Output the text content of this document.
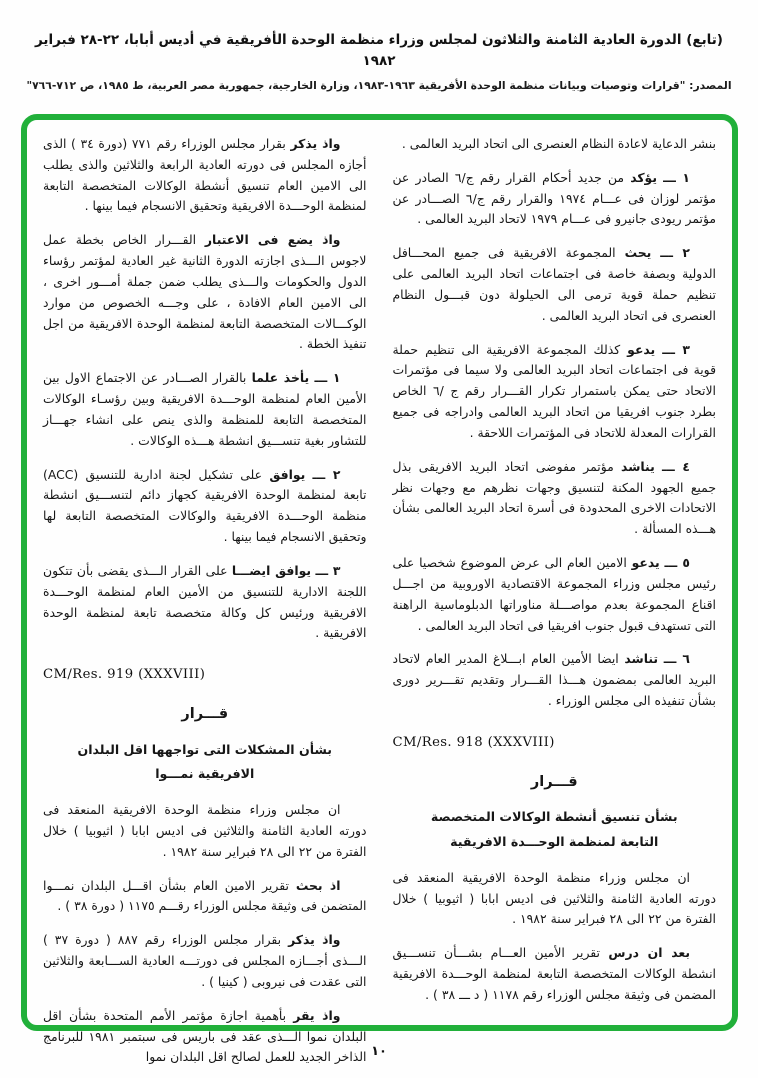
(تابع) الدورة العادية الثامنة والثلاثون لمجلس وزراء منظمة الوحدة الأفريقية في أديس أبابا، ٢٢-٢٨ فبراير ١٩٨٢
المصدر: "قرارات وتوصيات وبيانات منظمة الوحدة الأفريقية ١٩٦٣-١٩٨٣، وزارة الخارجية، جمهورية مصر العربية، ط ١٩٨٥، ص ٧١٢-٧٦٦"

بنشر الدعاية لاعادة النظام العنصرى الى اتحاد البريد العالمى .

١ ـــ يؤكد من جديد أحكام القرار رقم ج/٦ الصادر عن مؤتمر لوزان فى عـــام ١٩٧٤ والقرار رقم ج/٦ الصـــادر عن مؤتمر ريودى جانيرو فى عـــام ١٩٧٩ لاتحاد البريد العالمى .

٢ ـــ يحث المجموعة الافريقية فى جميع المحـــافل الدولية وبصفة خاصة فى اجتماعات اتحاد البريد العالمى على تنظيم حملة قوية ترمى الى الحيلولة دون قبـــول النظام العنصرى فى اتحاد البريد العالمى .

٣ ـــ يدعو كذلك المجموعة الافريقية الى تنظيم حملة قوية فى اجتماعات اتحاد البريد العالمى ولا سيما فى مؤتمرات الاتحاد حتى يمكن باستمرار تكرار القـــرار رقم ج /٦ الخاص بطرد جنوب افريقيا من اتحاد البريد العالمى وادراجه فى جميع القرارات المعدلة للاتحاد فى المؤتمرات اللاحقة .

٤ ـــ يناشد مؤتمر مفوضى اتحاد البريد الافريقى بذل جميع الجهود المكنة لتنسيق وجهات نظرهم مع وجهات نظر الاتحادات الاخرى المحدودة فى أسرة اتحاد البريد العالمى بشأن هـــذه المسألة .

٥ ـــ يدعو الامين العام الى عرض الموضوع شخصيا على رئيس مجلس وزراء المجموعة الاقتصادية الاوروبية من اجـــل اقناع المجموعة بعدم مواصـــلة مناوراتها الدبلوماسية الراهنة التى تستهدف قبول جنوب افريقيا فى اتحاد البريد العالمى .

٦ ـــ تناشد ايضا الأمين العام ابـــلاغ المدير العام لاتحاد البريد العالمى بمضمون هـــذا القـــرار وتقديم تقـــرير دورى بشأن تنفيذه الى مجلس الوزراء .

CM/Res. 918 (XXXVIII)

قـــرار

بشأن تنسيق أنشطة الوكالات المتخصصة

التابعة لمنظمة الوحـــدة الافريقية

ان مجلس وزراء منظمة الوحدة الافريقية المنعقد فى دورته العادية الثامنة والثلاثين فى اديس ابابا ( اثيوبيا ) خلال الفترة من ٢٢ الى ٢٨ فبراير سنة ١٩٨٢ .

بعد ان درس تقرير الأمين العـــام بشـــأن تنســـيق انشطة الوكالات المتخصصة التابعة لمنظمة الوحـــدة الافريقية المضمن فى وثيقة مجلس الوزراء رقم ١١٧٨ ( د ـــ ٣٨ ) .

واذ يذكر بقرار مجلس الوزراء رقم ٧٧١ (دورة ٣٤ ) الذى أجازه المجلس فى دورته العادية الرابعة والثلاثين والذى يطلب الى الامين العام تنسيق أنشطة الوكالات المتخصصة التابعة لمنظمة الوحـــدة الافريقية وتحقيق الانسجام فيما بينها .

واذ يضع فى الاعتبار القـــرار الخاص بخطة عمل لاجوس الـــذى اجازته الدورة الثانية غير العادية لمؤتمر رؤساء الدول والحكومات والـــذى يطلب ضمن جملة أمـــور اخرى ، الى الامين العام الافادة ، على وجـــه الخصوص من موارد الوكـــالات المتخصصة التابعة لمنظمة الوحدة الافريقية من اجل تنفيذ الخطة .

١ ـــ يأخذ علما بالقرار الصـــادر عن الاجتماع الاول بين الأمين العام لمنظمة الوحـــدة الافريقية وبين رؤسـاء الوكالات المتخصصة التابعة للمنظمة والذى ينص على انشاء جهـــاز للتشاور بغية تنســـيق انشطة هـــذه الوكالات .

٢ ـــ يوافق على تشكيل لجنة ادارية للتنسيق (ACC) تابعة لمنظمة الوحدة الافريقية كجهاز دائم لتنســـيق انشطة منظمة الوحـــدة الافريقية والوكالات المتخصصة التابعة لها وتحقيق الانسجام فيما بينها .

٣ ـــ يوافق ايضـــا على القرار الـــذى يقضى بأن تتكون اللجنة الادارية للتنسيق من الأمين العام لمنظمة الوحـــدة الافريقية ورئيس كل وكالة متخصصة تابعة لمنظمة الوحدة الافريقية .

CM/Res. 919 (XXXVIII)

قـــرار

بشأن المشكلات التى تواجهها اقل البلدان

الافريقية نمـــوا

ان مجلس وزراء منظمة الوحدة الافريقية المنعقد فى دورته العادية الثامنة والثلاثين فى اديس ابابا ( اثيوبيا ) خلال الفترة من ٢٢ الى ٢٨ فبراير سنة ١٩٨٢ .

اذ بحث تقرير الامين العام بشأن اقـــل البلدان نمـــوا المتضمن فى وثيقة مجلس الوزراء رقـــم ١١٧٥ ( دورة ٣٨ ) .

واذ يذكر بقرار مجلس الوزراء رقم ٨٨٧ ( دورة ٣٧ ) الـــذى أجـــازه المجلس فى دورتـــه العادية الســـابعة والثلاثين التى عقدت فى نيروبى ( كينيا ) .

واذ يقر بأهمية اجازة مؤتمر الأمم المتحدة بشأن اقل البلدان نموا الـــذى عقد فى باريس فى سبتمبر ١٩٨١ للبرنامج الذاخر الجديد للعمل لصالح اقل البلدان نموا ١٠
